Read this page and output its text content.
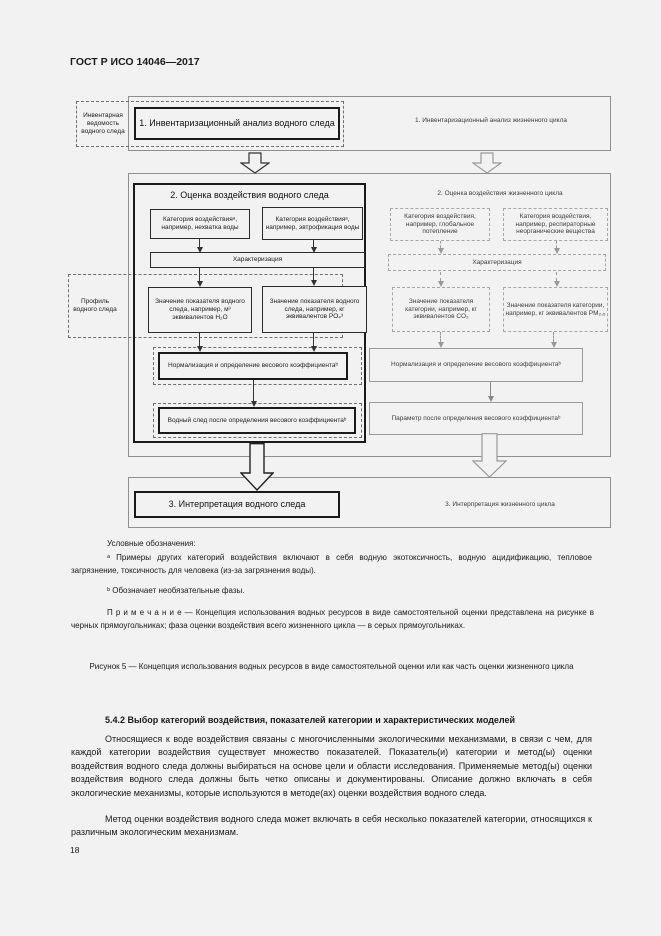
ГОСТ Р ИСО 14046—2017
Инвентарная ведомость водного следа
1. Инвентаризационный анализ водного следа	1. Инвентаризационный анализ жизненного цикла
2. Оценка воздействия водного следа
Категория воздействияᵃ, например, нехватка воды
Категория воздействияᵃ, например, эвтрофикация воды
Характеризация
Профиль водного следа
Значение показателя водного следа, например, м³ эквивалентов H₂O
Значение показателя водного следа, например, кг эквивалентов PO₄³
Нормализация и определение весового коэффициентаᵇ
Водный след после определения весового коэффициентаᵇ
2. Оценка воздействия жизненного цикла
Категория воздействия, например, глобальное потепление
Категория воздействия, например, респираторные неорганические вещества
Характеризация
Значение показателя категории, например, кг эквивалентов CO₂
Значение показателя категории, например, кг эквивалентов PM₂,₅
Нормализация и определение весового коэффициентаᵇ
Параметр после определения весового коэффициентаᵇ
3. Интерпретация водного следа	3. Интерпретация жизненного цикла
Условные обозначения:
ᵃ Примеры других категорий воздействия включают в себя водную экотоксичность, водную ацидификацию, тепловое загрязнение, токсичность для человека (из-за загрязнения воды).
ᵇ Обозначает необязательные фазы.
П р и м е ч а н и е — Концепция использования водных ресурсов в виде самостоятельной оценки представлена на рисунке в черных прямоугольниках; фаза оценки воздействия всего жизненного цикла — в серых прямоугольниках.
Рисунок 5 — Концепция использования водных ресурсов в виде самостоятельной оценки или как часть оценки жизненного цикла
5.4.2 Выбор категорий воздействия, показателей категории и характеристических моделей
Относящиеся к воде воздействия связаны с многочисленными экологическими механизмами, в связи с чем, для каждой категории воздействия существует множество показателей. Показатель(и) категории и метод(ы) оценки воздействия водного следа должны выбираться на основе цели и области исследования. Применяемые метод(ы) оценки воздействия водного следа должны быть четко описаны и документированы. Описание должно включать в себя экологические механизмы, которые используются в методе(ах) оценки воздействия водного следа.
Метод оценки воздействия водного следа может включать в себя несколько показателей категории, относящихся к различным экологическим механизмам.
18
